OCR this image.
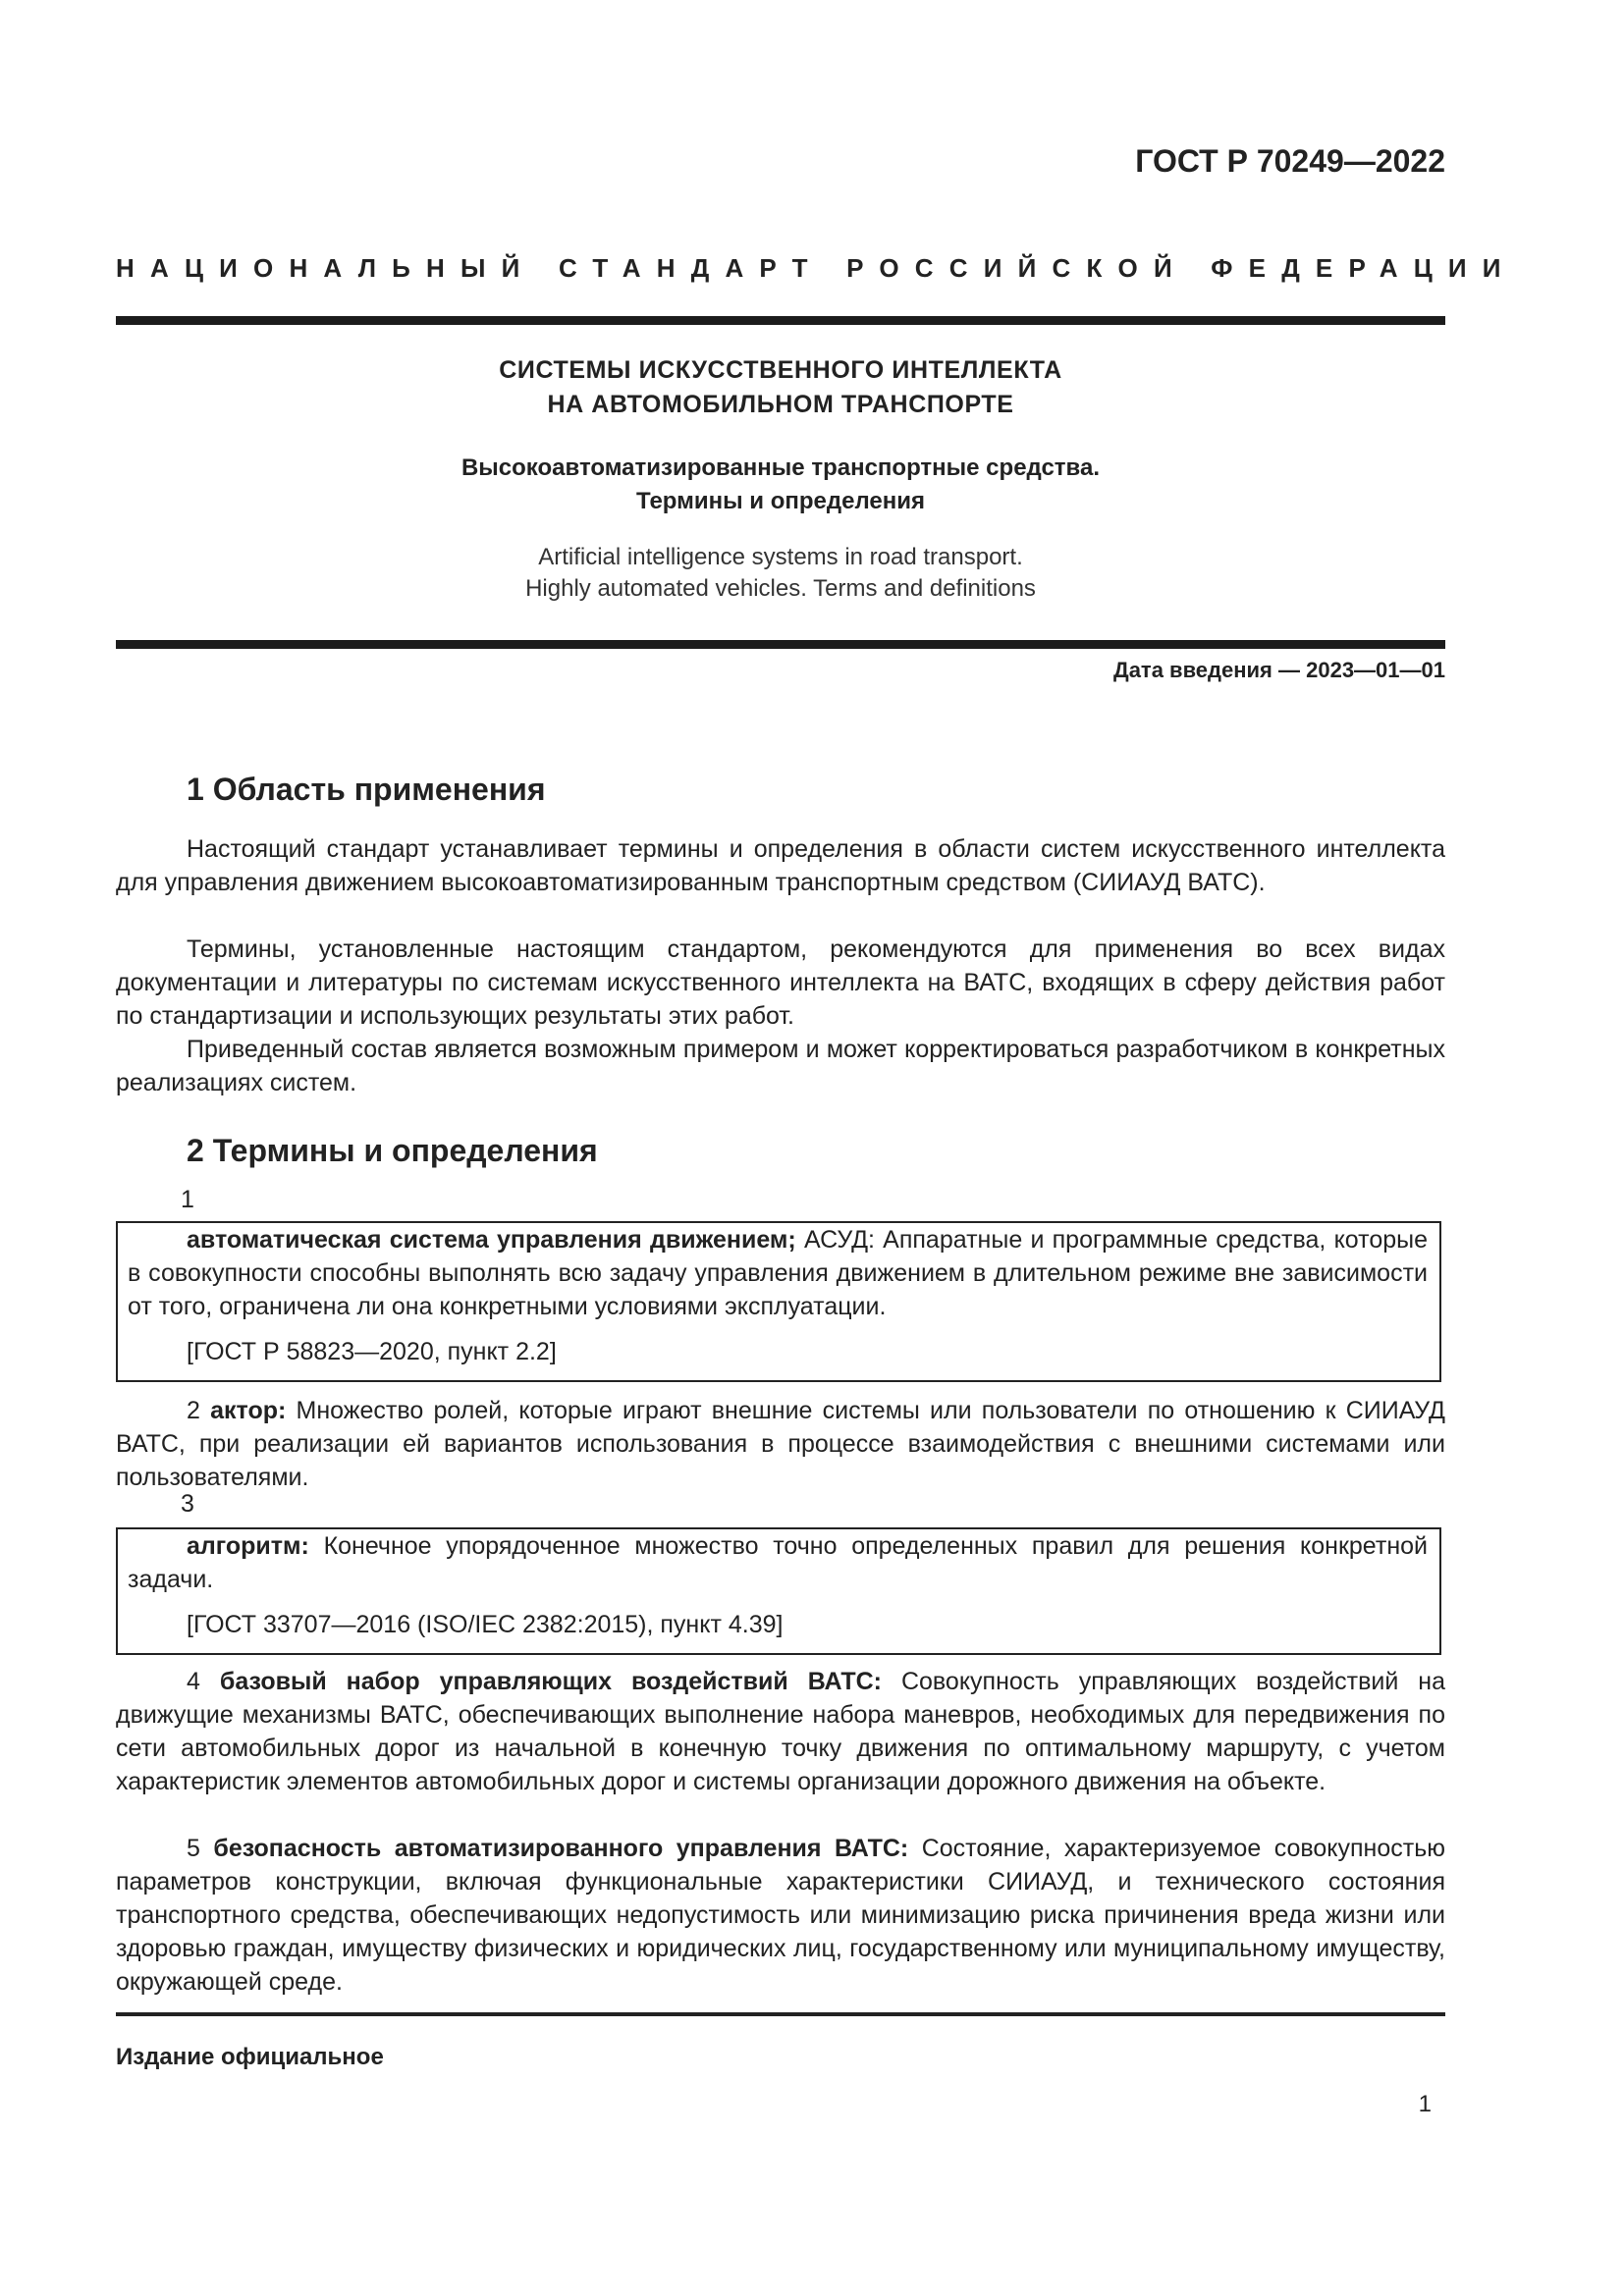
ГОСТ Р 70249—2022
НАЦИОНАЛЬНЫЙ СТАНДАРТ РОССИЙСКОЙ ФЕДЕРАЦИИ
СИСТЕМЫ ИСКУССТВЕННОГО ИНТЕЛЛЕКТА
НА АВТОМОБИЛЬНОМ ТРАНСПОРТЕ
Высокоавтоматизированные транспортные средства.
Термины и определения
Artificial intelligence systems in road transport.
Highly automated vehicles. Terms and definitions
Дата введения — 2023—01—01
1 Область применения

Настоящий стандарт устанавливает термины и определения в области систем искусственного интеллекта для управления движением высокоавтоматизированным транспортным средством (СИИАУД ВАТС).

Термины, установленные настоящим стандартом, рекомендуются для применения во всех видах документации и литературы по системам искусственного интеллекта на ВАТС, входящих в сферу действия работ по стандартизации и использующих результаты этих работ.

Приведенный состав является возможным примером и может корректироваться разработчиком в конкретных реализациях систем.

2 Термины и определения
1

автоматическая система управления движением; АСУД: Аппаратные и программные средства, которые в совокупности способны выполнять всю задачу управления движением в длительном режиме вне зависимости от того, ограничена ли она конкретными условиями эксплуатации.

[ГОСТ Р 58823—2020, пункт 2.2]

2 актор: Множество ролей, которые играют внешние системы или пользователи по отношению к СИИАУД ВАТС, при реализации ей вариантов использования в процессе взаимодействия с внешними системами или пользователями.

3

алгоритм: Конечное упорядоченное множество точно определенных правил для решения конкретной задачи.

[ГОСТ 33707—2016 (ISO/IEC 2382:2015), пункт 4.39]

4 базовый набор управляющих воздействий ВАТС: Совокупность управляющих воздействий на движущие механизмы ВАТС, обеспечивающих выполнение набора маневров, необходимых для передвижения по сети автомобильных дорог из начальной в конечную точку движения по оптимальному маршруту, с учетом характеристик элементов автомобильных дорог и системы организации дорожного движения на объекте.

5 безопасность автоматизированного управления ВАТС: Состояние, характеризуемое совокупностью параметров конструкции, включая функциональные характеристики СИИАУД, и технического состояния транспортного средства, обеспечивающих недопустимость или минимизацию риска причинения вреда жизни или здоровью граждан, имуществу физических и юридических лиц, государственному или муниципальному имуществу, окружающей среде.

Издание официальное
1
